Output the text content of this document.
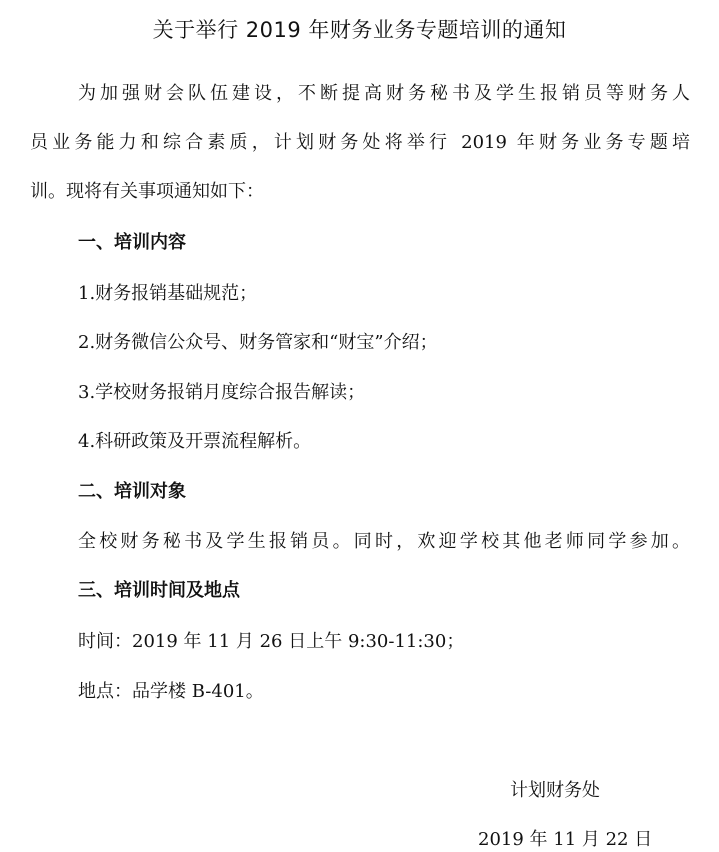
关于举行 2019 年财务业务专题培训的通知
为加强财会队伍建设，不断提高财务秘书及学生报销员等财务人
员业务能力和综合素质，计划财务处将举行 2019 年财务业务专题培
训。现将有关事项通知如下：
一、培训内容
1.财务报销基础规范；
2.财务微信公众号、财务管家和“财宝”介绍；
3.学校财务报销月度综合报告解读；
4.科研政策及开票流程解析。
二、培训对象
全校财务秘书及学生报销员。同时，欢迎学校其他老师同学参加。
三、培训时间及地点
时间：2019 年 11 月 26 日上午 9:30-11:30；
地点：品学楼 B-401。
计划财务处
2019 年 11 月 22 日
